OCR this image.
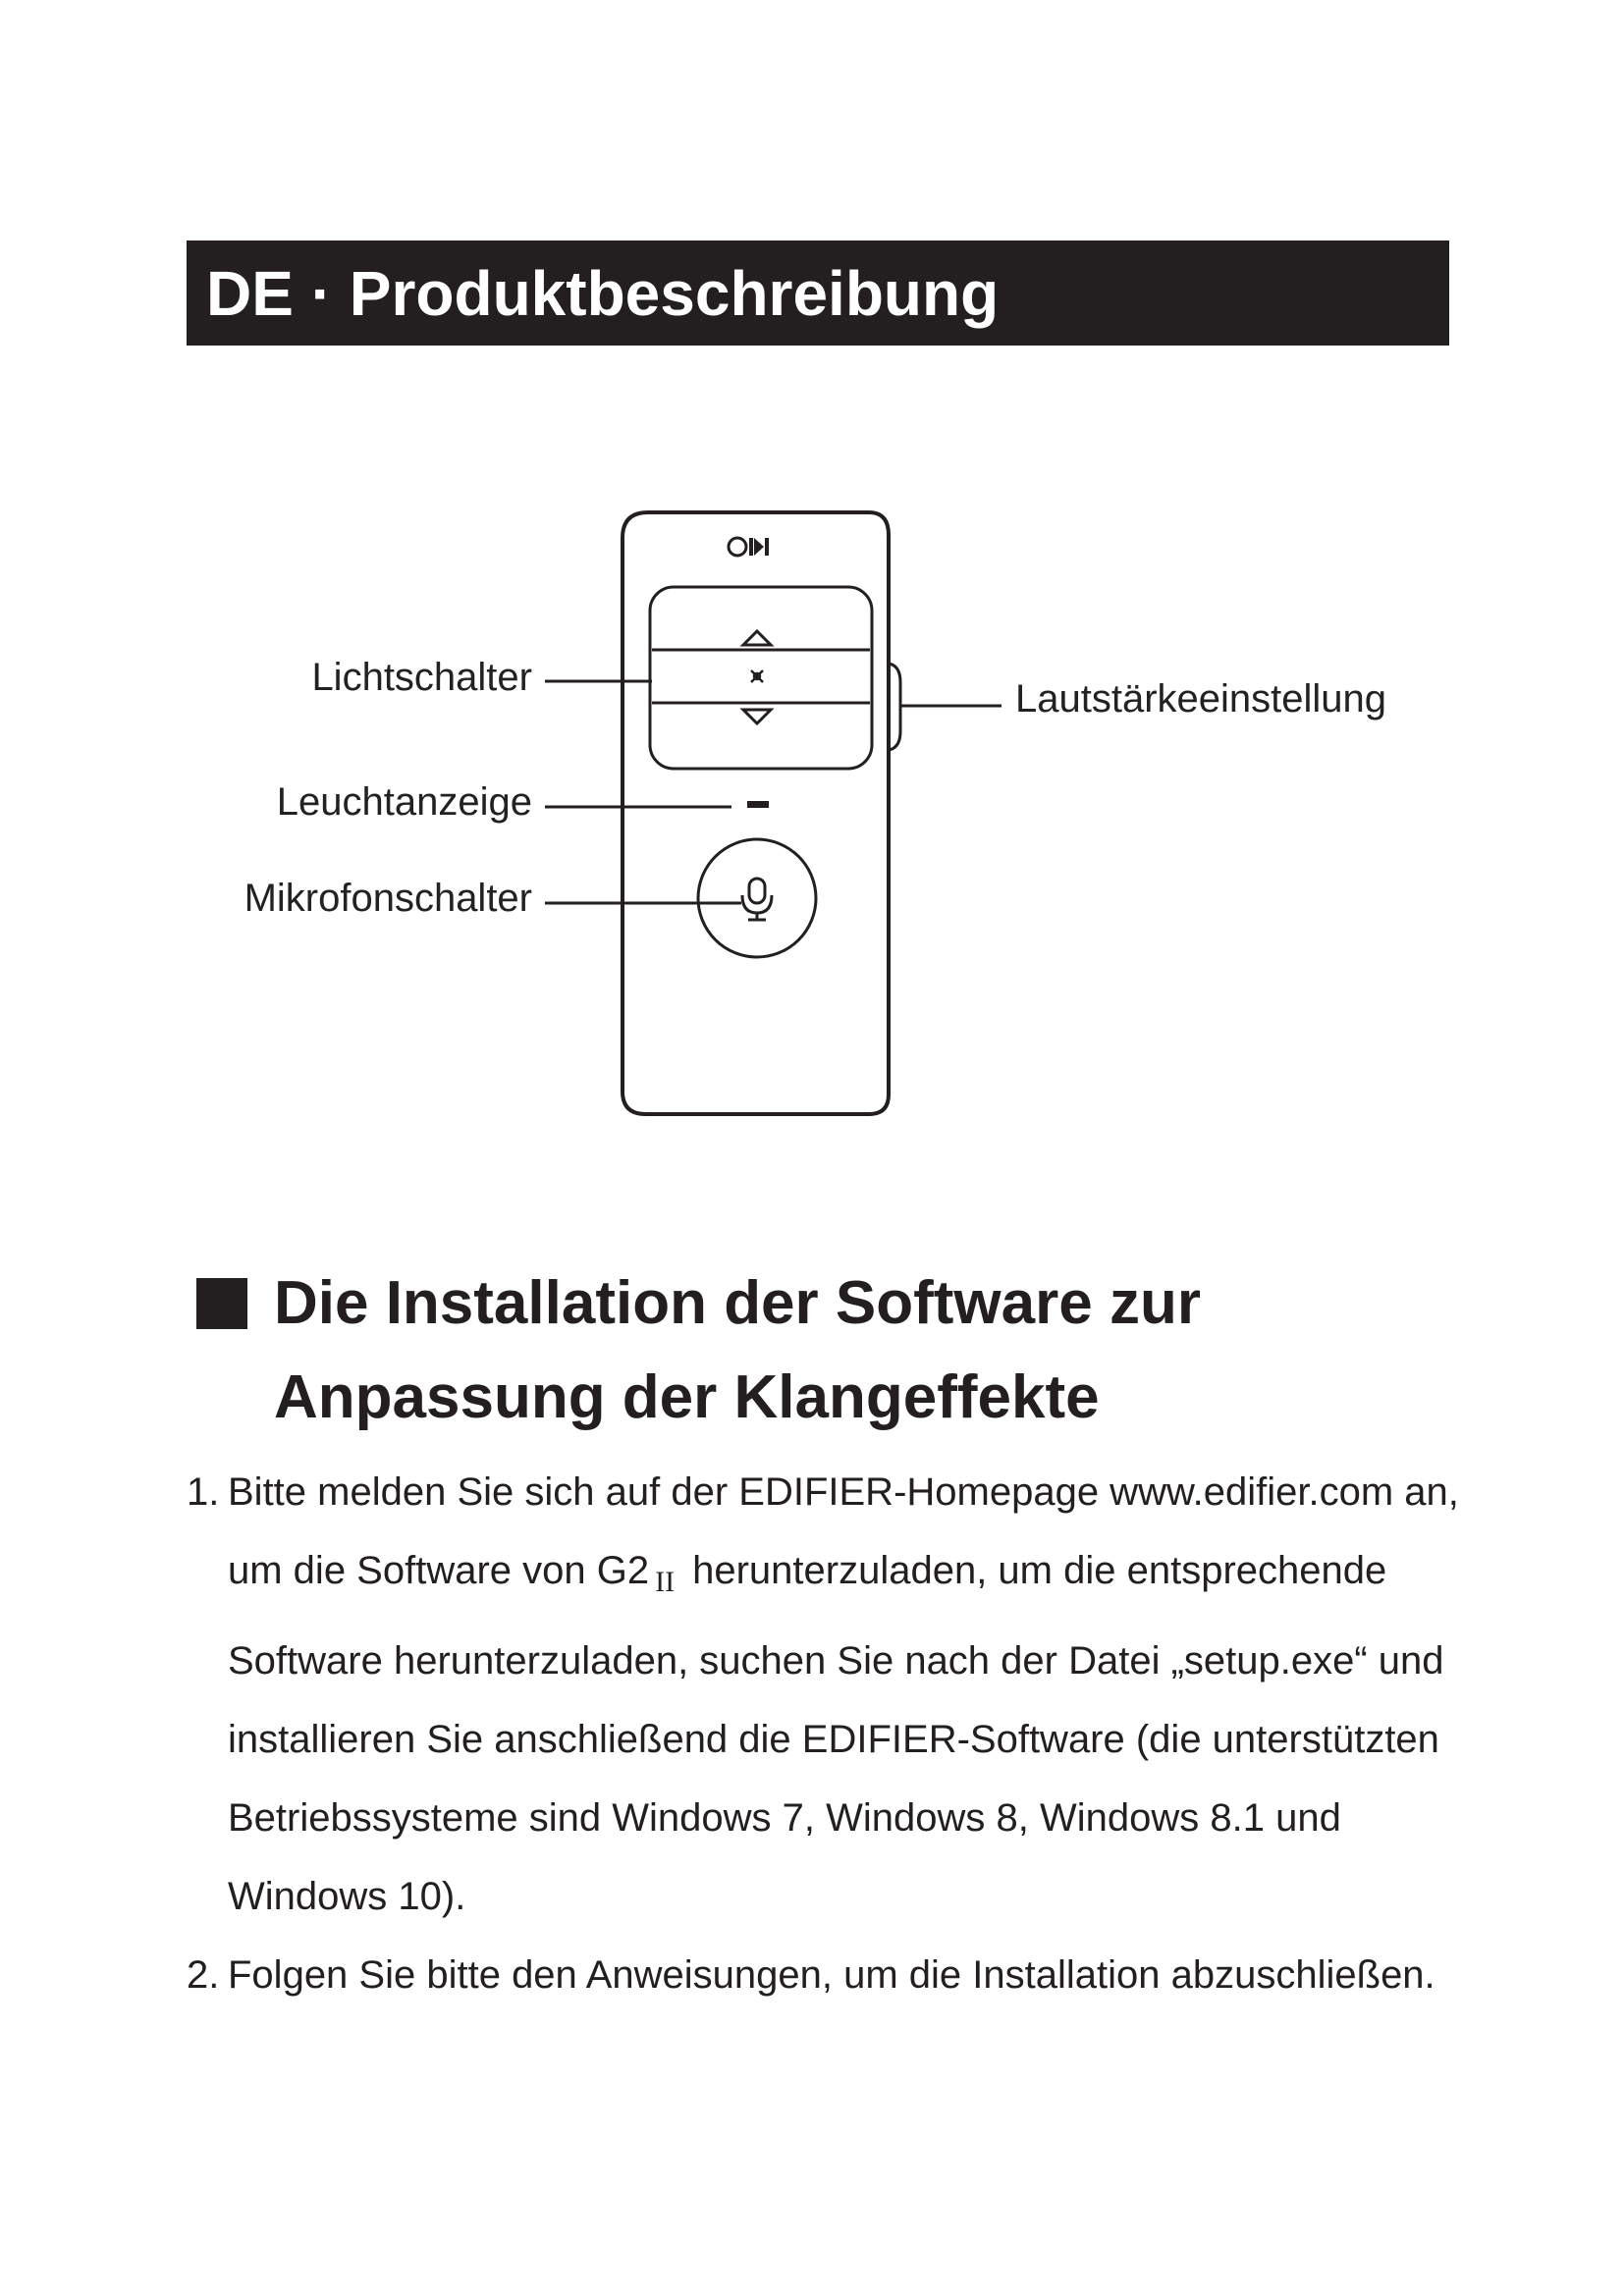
DE · Produktbeschreibung
Lichtschalter
Leuchtanzeige
Mikrofonschalter
Lautstärkeeinstellung
Die Installation der Software zur
Anpassung der Klangeffekte
1. Bitte melden Sie sich auf der EDIFIER-Homepage www.edifier.com an,
um die Software von G2 $_{II}$ herunterzuladen, um die entsprechende
Software herunterzuladen, suchen Sie nach der Datei „setup.exe“ und
installieren Sie anschließend die EDIFIER-Software (die unterstützten
Betriebssysteme sind Windows 7, Windows 8, Windows 8.1 und
Windows 10).
2. Folgen Sie bitte den Anweisungen, um die Installation abzuschließen.
